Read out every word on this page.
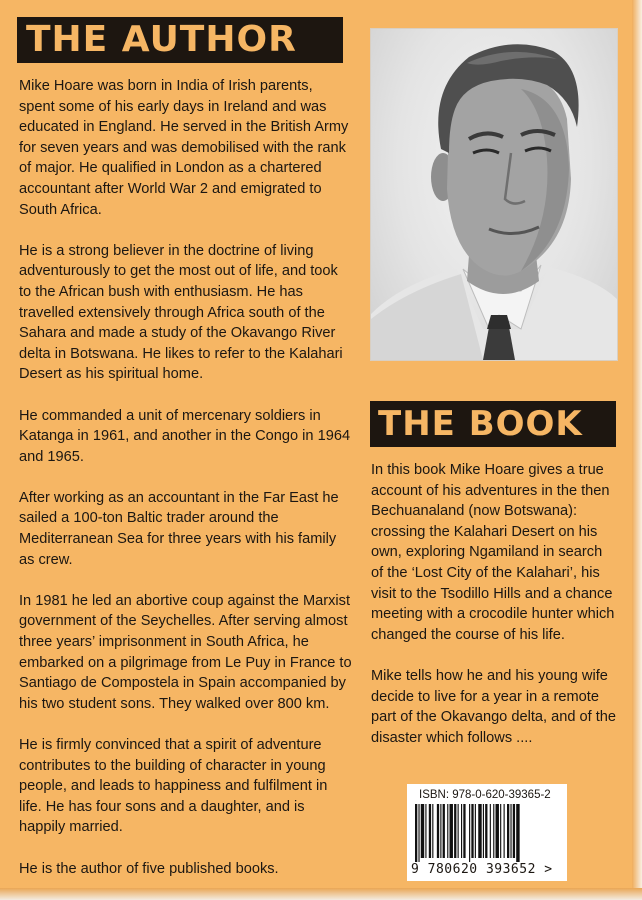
THE AUTHOR

Mike Hoare was born in India of Irish parents, spent some of his early days in Ireland and was educated in England. He served in the British Army for seven years and was demobilised with the rank of major. He qualified in London as a chartered accountant after World War 2 and emigrated to South Africa.

He is a strong believer in the doctrine of living adventurously to get the most out of life, and took to the African bush with enthusiasm. He has travelled extensively through Africa south of the Sahara and made a study of the Okavango River delta in Botswana. He likes to refer to the Kalahari Desert as his spiritual home.

He commanded a unit of mercenary soldiers in Katanga in 1961, and another in the Congo in 1964 and 1965.

After working as an accountant in the Far East he sailed a 100-ton Baltic trader around the Mediterranean Sea for three years with his family as crew.

In 1981 he led an abortive coup against the Marxist government of the Seychelles. After serving almost three years’ imprisonment in South Africa, he embarked on a pilgrimage from Le Puy in France to Santiago de Compostela in Spain accompanied by his two student sons. They walked over 800 km.

He is firmly convinced that a spirit of adventure contributes to the building of character in young people, and leads to happiness and fulfilment in life. He has four sons and a daughter, and is happily married.

He is the author of five published books.

THE BOOK

In this book Mike Hoare gives a true account of his adventures in the then Bechuanaland (now Botswana): crossing the Kalahari Desert on his own, exploring Ngamiland in search of the ‘Lost City of the Kalahari’, his visit to the Tsodillo Hills and a chance meeting with a crocodile hunter which changed the course of his life.

Mike tells how he and his young wife decide to live for a year in a remote part of the Okavango delta, and of the disaster which follows ....

ISBN: 978-0-620-39365-2
9 780620 393652 >
